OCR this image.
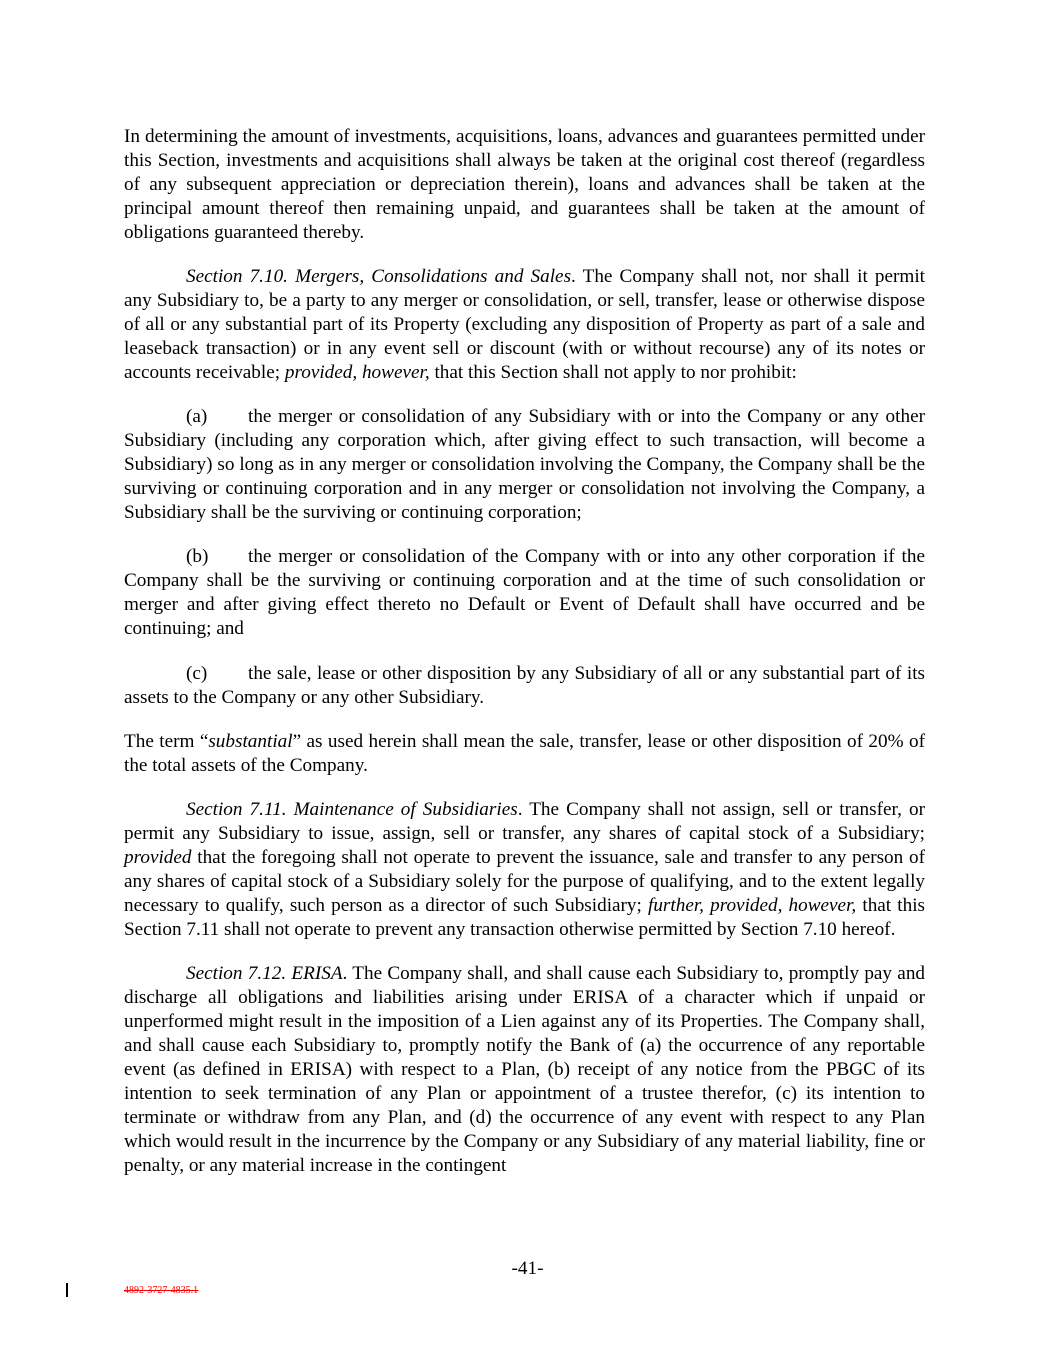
In determining the amount of investments, acquisitions, loans, advances and guarantees permitted under this Section, investments and acquisitions shall always be taken at the original cost thereof (regardless of any subsequent appreciation or depreciation therein), loans and advances shall be taken at the principal amount thereof then remaining unpaid, and guarantees shall be taken at the amount of obligations guaranteed thereby.

Section 7.10. Mergers, Consolidations and Sales. The Company shall not, nor shall it permit any Subsidiary to, be a party to any merger or consolidation, or sell, transfer, lease or otherwise dispose of all or any substantial part of its Property (excluding any disposition of Property as part of a sale and leaseback transaction) or in any event sell or discount (with or without recourse) any of its notes or accounts receivable; provided, however, that this Section shall not apply to nor prohibit:

(a) the merger or consolidation of any Subsidiary with or into the Company or any other Subsidiary (including any corporation which, after giving effect to such transaction, will become a Subsidiary) so long as in any merger or consolidation involving the Company, the Company shall be the surviving or continuing corporation and in any merger or consolidation not involving the Company, a Subsidiary shall be the surviving or continuing corporation;

(b) the merger or consolidation of the Company with or into any other corporation if the Company shall be the surviving or continuing corporation and at the time of such consolidation or merger and after giving effect thereto no Default or Event of Default shall have occurred and be continuing; and

(c) the sale, lease or other disposition by any Subsidiary of all or any substantial part of its assets to the Company or any other Subsidiary.

The term “substantial” as used herein shall mean the sale, transfer, lease or other disposition of 20% of the total assets of the Company.

Section 7.11. Maintenance of Subsidiaries. The Company shall not assign, sell or transfer, or permit any Subsidiary to issue, assign, sell or transfer, any shares of capital stock of a Subsidiary; provided that the foregoing shall not operate to prevent the issuance, sale and transfer to any person of any shares of capital stock of a Subsidiary solely for the purpose of qualifying, and to the extent legally necessary to qualify, such person as a director of such Subsidiary; further, provided, however, that this Section 7.11 shall not operate to prevent any transaction otherwise permitted by Section 7.10 hereof.

Section 7.12. ERISA. The Company shall, and shall cause each Subsidiary to, promptly pay and discharge all obligations and liabilities arising under ERISA of a character which if unpaid or unperformed might result in the imposition of a Lien against any of its Properties. The Company shall, and shall cause each Subsidiary to, promptly notify the Bank of (a) the occurrence of any reportable event (as defined in ERISA) with respect to a Plan, (b) receipt of any notice from the PBGC of its intention to seek termination of any Plan or appointment of a trustee therefor, (c) its intention to terminate or withdraw from any Plan, and (d) the occurrence of any event with respect to any Plan which would result in the incurrence by the Company or any Subsidiary of any material liability, fine or penalty, or any material increase in the contingent

-41-
4892-3727-4835.1
